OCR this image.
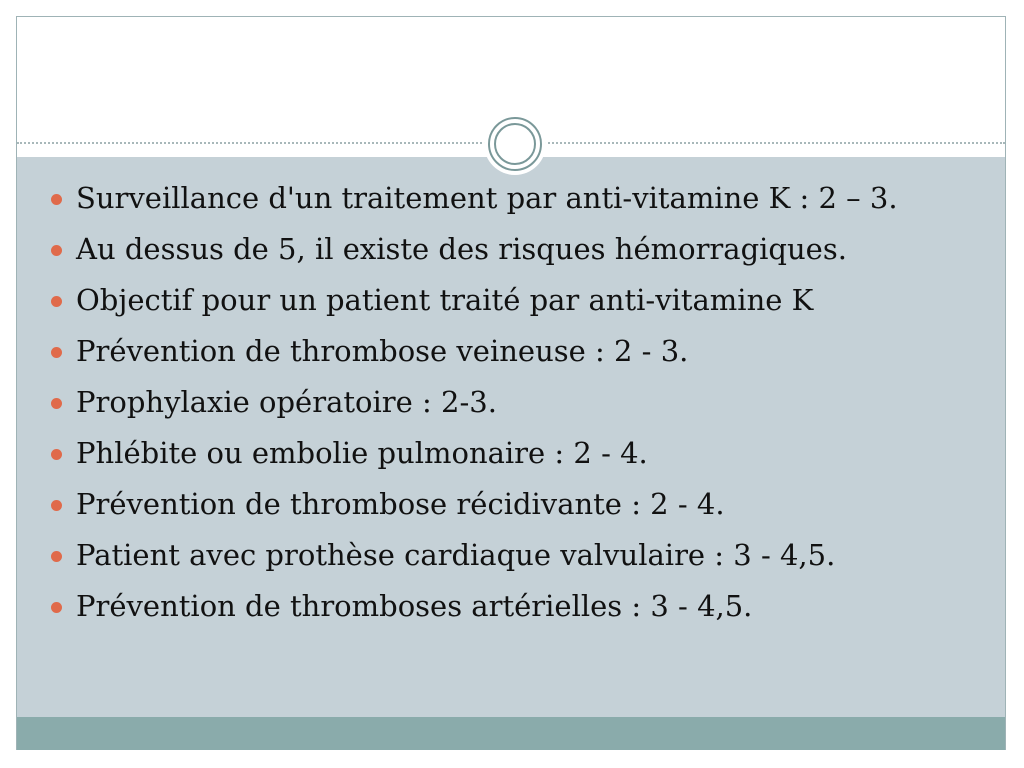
Surveillance d'un traitement par anti-vitamine K : 2 – 3.
Au dessus de 5, il existe des risques hémorragiques.
Objectif pour un patient traité par anti-vitamine K
Prévention de thrombose veineuse : 2 - 3.
Prophylaxie opératoire : 2-3.
Phlébite ou embolie pulmonaire : 2 - 4.
Prévention de thrombose récidivante : 2 - 4.
Patient avec prothèse cardiaque valvulaire : 3 - 4,5.
Prévention de thromboses artérielles : 3 - 4,5.
